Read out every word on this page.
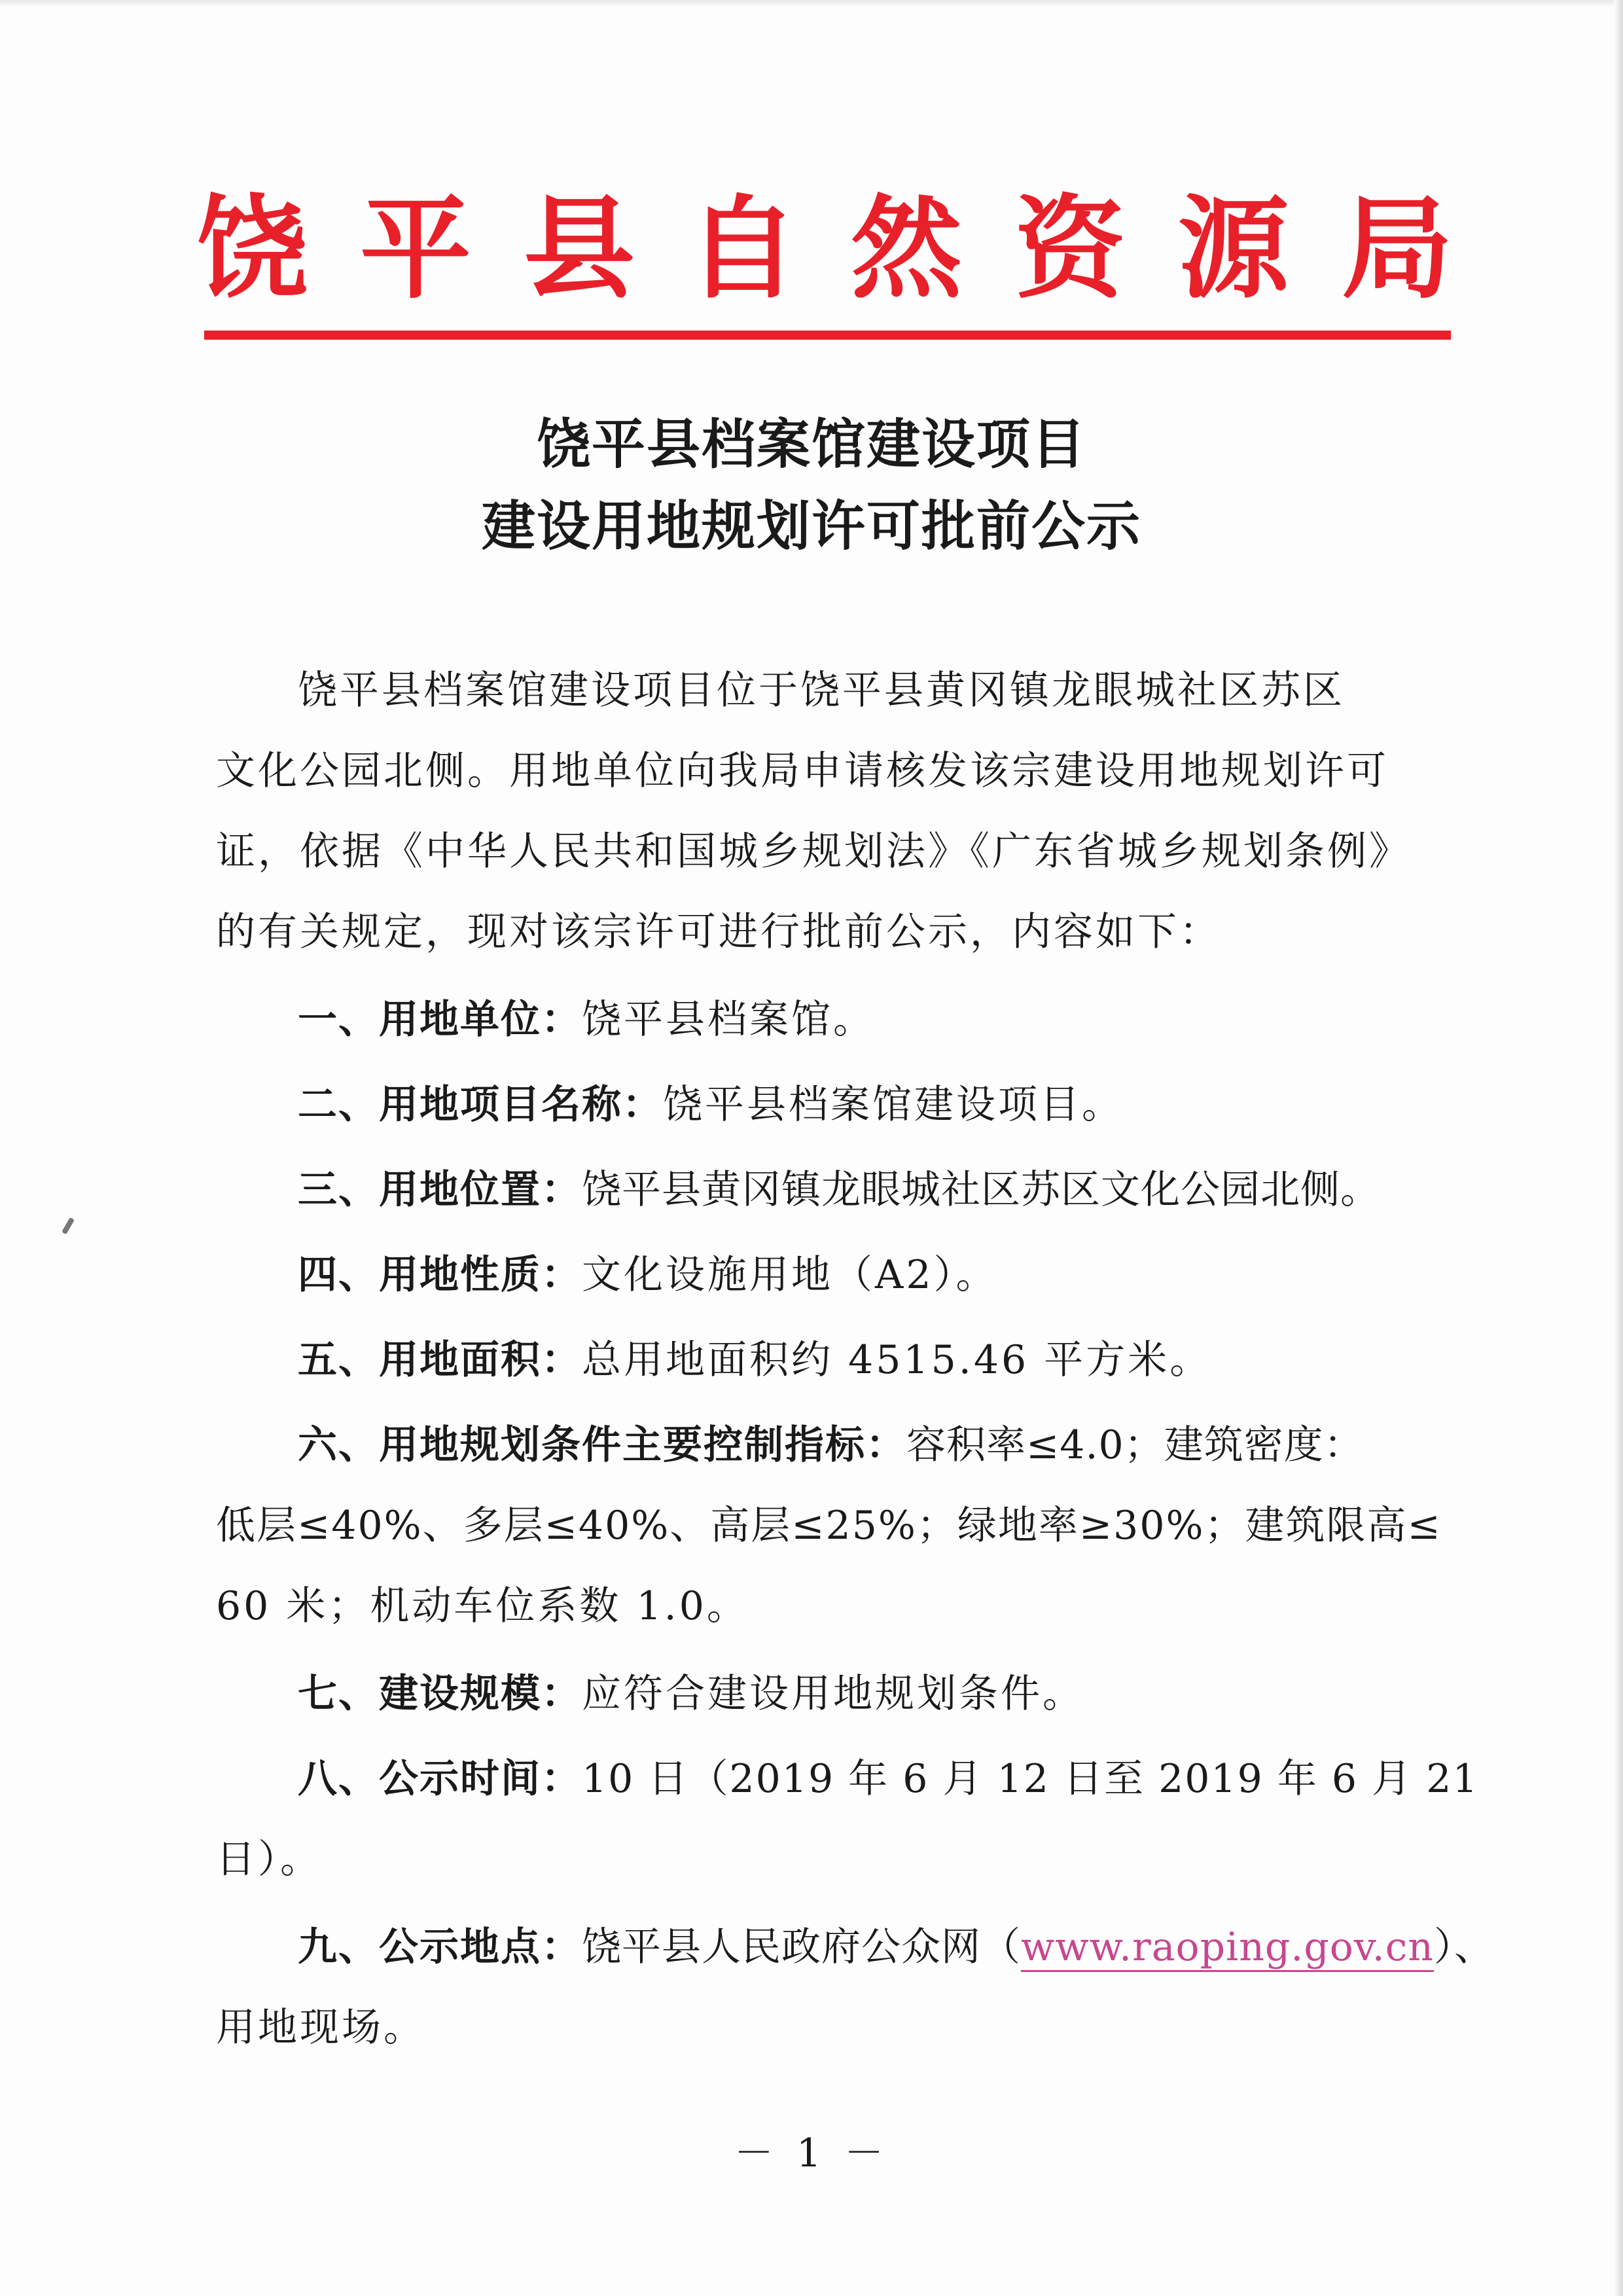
饶 平 县 自 然 资 源 局
饶平县档案馆建设项目
建设用地规划许可批前公示
饶平县档案馆建设项目位于饶平县黄冈镇龙眼城社区苏区
文化公园北侧。用地单位向我局申请核发该宗建设用地规划许可
证，依据《中华人民共和国城乡规划法》《广东省城乡规划条例》
的有关规定，现对该宗许可进行批前公示，内容如下：
一、用地单位：饶平县档案馆。
二、用地项目名称：饶平县档案馆建设项目。
三、用地位置：饶平县黄冈镇龙眼城社区苏区文化公园北侧。
四、用地性质：文化设施用地（A2）。
五、用地面积：总用地面积约 4515.46 平方米。
六、用地规划条件主要控制指标：容积率≤4.0；建筑密度：
低层≤40%、多层≤40%、高层≤25%；绿地率≥30%；建筑限高≤
60 米；机动车位系数 1.0。
七、建设规模：应符合建设用地规划条件。
八、公示时间：10 日（2019 年 6 月 12 日至 2019 年 6 月 21
日）。
九、公示地点：饶平县人民政府公众网（www.raoping.gov.cn）、
用地现场。
－ 1 －
